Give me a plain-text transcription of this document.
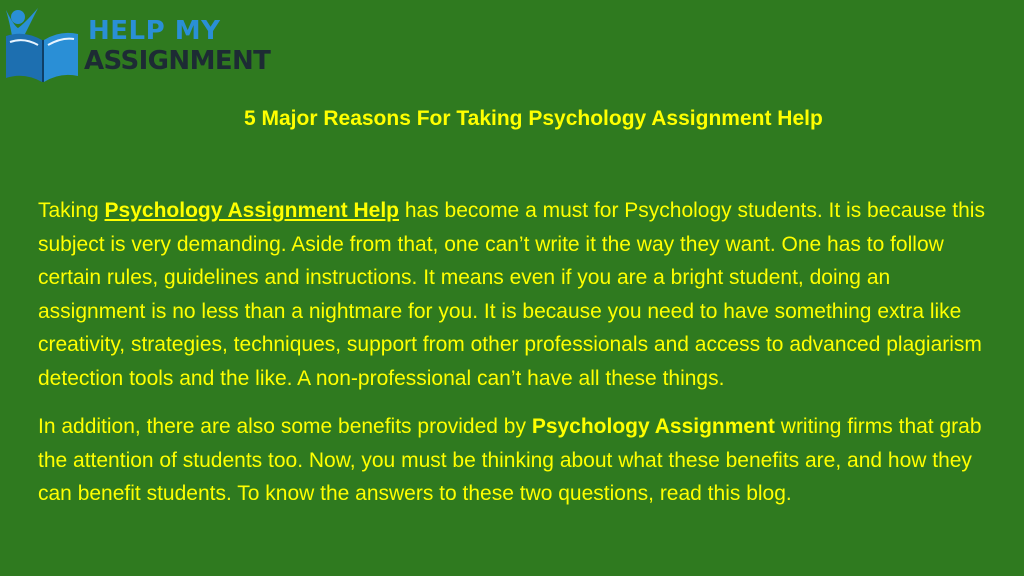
HELP MY
ASSIGNMENT
5 Major Reasons For Taking Psychology Assignment Help

Taking Psychology Assignment Help has become a must for Psychology students. It is because this subject is very demanding. Aside from that, one can’t write it the way they want. One has to follow certain rules, guidelines and instructions. It means even if you are a bright student, doing an assignment is no less than a nightmare for you. It is because you need to have something extra like creativity, strategies, techniques, support from other professionals and access to advanced plagiarism detection tools and the like. A non-professional can’t have all these things.

In addition, there are also some benefits provided by Psychology Assignment writing firms that grab the attention of students too. Now, you must be thinking about what these benefits are, and how they can benefit students. To know the answers to these two questions, read this blog.
